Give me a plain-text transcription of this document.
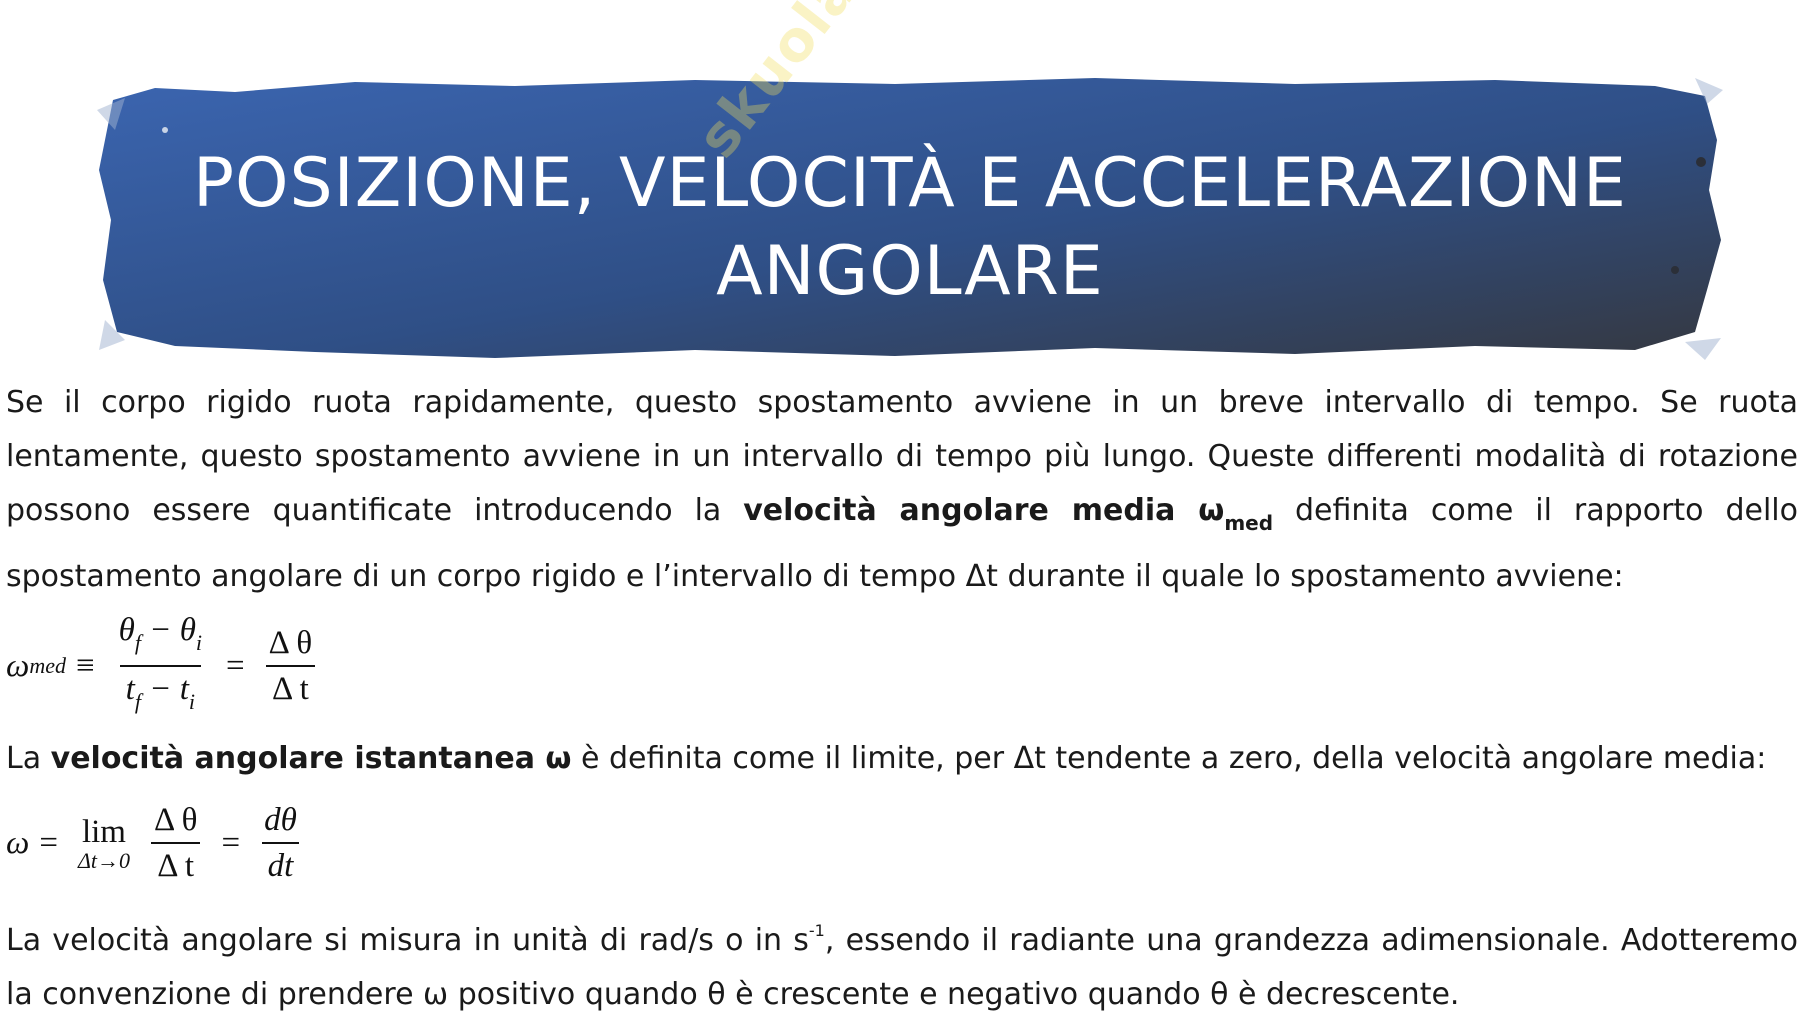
POSIZIONE, VELOCITÀ E ACCELERAZIONE
ANGOLARE

Se il corpo rigido ruota rapidamente, questo spostamento avviene in un breve intervallo di tempo. Se ruota lentamente, questo spostamento avviene in un intervallo di tempo più lungo. Queste differenti modalità di rotazione possono essere quantificate introducendo la velocità angolare media $\omega_{med}$ definita come il rapporto dello spostamento angolare di un corpo rigido e l’intervallo di tempo Δt durante il quale lo spostamento avviene:

ω med ≡ $\frac{\theta_f - \theta_i}{t_f - t_i} = \frac{\text{Δ θ}}{\text{Δ t}}$

La velocità angolare istantanea ω è definita come il limite, per Δt tendente a zero, della velocità angolare media:

ω = lim
$\Delta t\to 0 \frac{\text{Δ θ}}{\text{Δ t}} = \frac{d\theta}{dt}$

La velocità angolare si misura in unità di rad/s o in $s^{-1}$, essendo il radiante una grandezza adimensionale. Adotteremo la convenzione di prendere ω positivo quando θ è crescente e negativo quando θ è decrescente.
